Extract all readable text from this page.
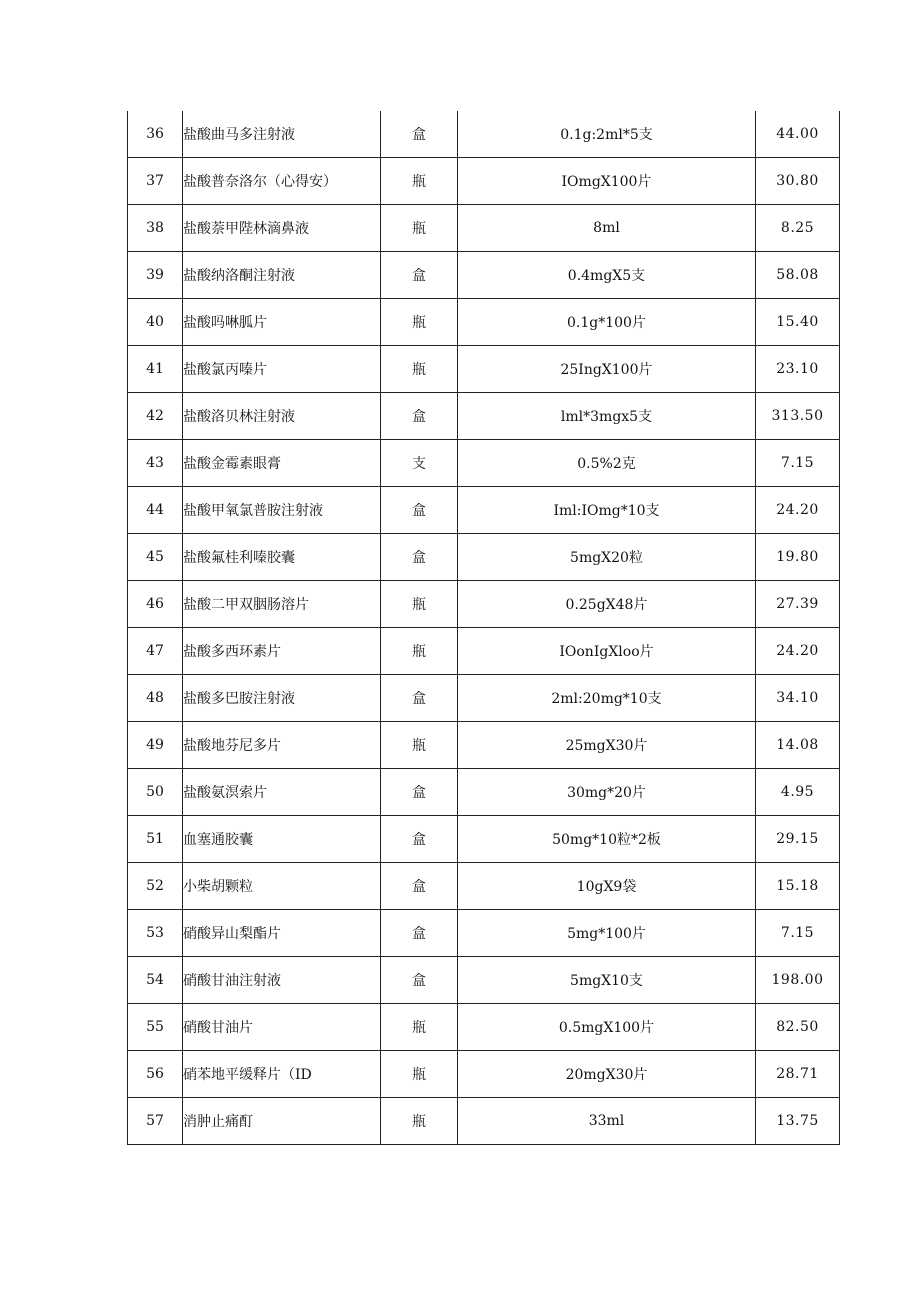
36	盐酸曲马多注射液	盒	0.1g:2ml*5支	44.00
37	盐酸普奈洛尔（心得安）	瓶	IOmgX100片	30.80
38	盐酸萘甲陛林滴鼻液	瓶	8ml	8.25
39	盐酸纳洛酮注射液	盒	0.4mgX5支	58.08
40	盐酸吗啉胍片	瓶	0.1g*100片	15.40
41	盐酸氯丙嗪片	瓶	25IngX100片	23.10
42	盐酸洛贝林注射液	盒	lml*3mgx5支	313.50
43	盐酸金霉素眼膏	支	0.5%2克	7.15
44	盐酸甲氧氯普胺注射液	盒	Iml:IOmg*10支	24.20
45	盐酸氟桂利嗪胶囊	盒	5mgX20粒	19.80
46	盐酸二甲双胭肠溶片	瓶	0.25gX48片	27.39
47	盐酸多西环素片	瓶	IOonIgXloo片	24.20
48	盐酸多巴胺注射液	盒	2ml:20mg*10支	34.10
49	盐酸地芬尼多片	瓶	25mgX30片	14.08
50	盐酸氨溟索片	盒	30mg*20片	4.95
51	血塞通胶囊	盒	50mg*10粒*2板	29.15
52	小柴胡颗粒	盒	10gX9袋	15.18
53	硝酸异山梨酯片	盒	5mg*100片	7.15
54	硝酸甘油注射液	盒	5mgX10支	198.00
55	硝酸甘油片	瓶	0.5mgX100片	82.50
56	硝苯地平缓释片（ID	瓶	20mgX30片	28.71
57	消肿止痛酊	瓶	33ml	13.75
